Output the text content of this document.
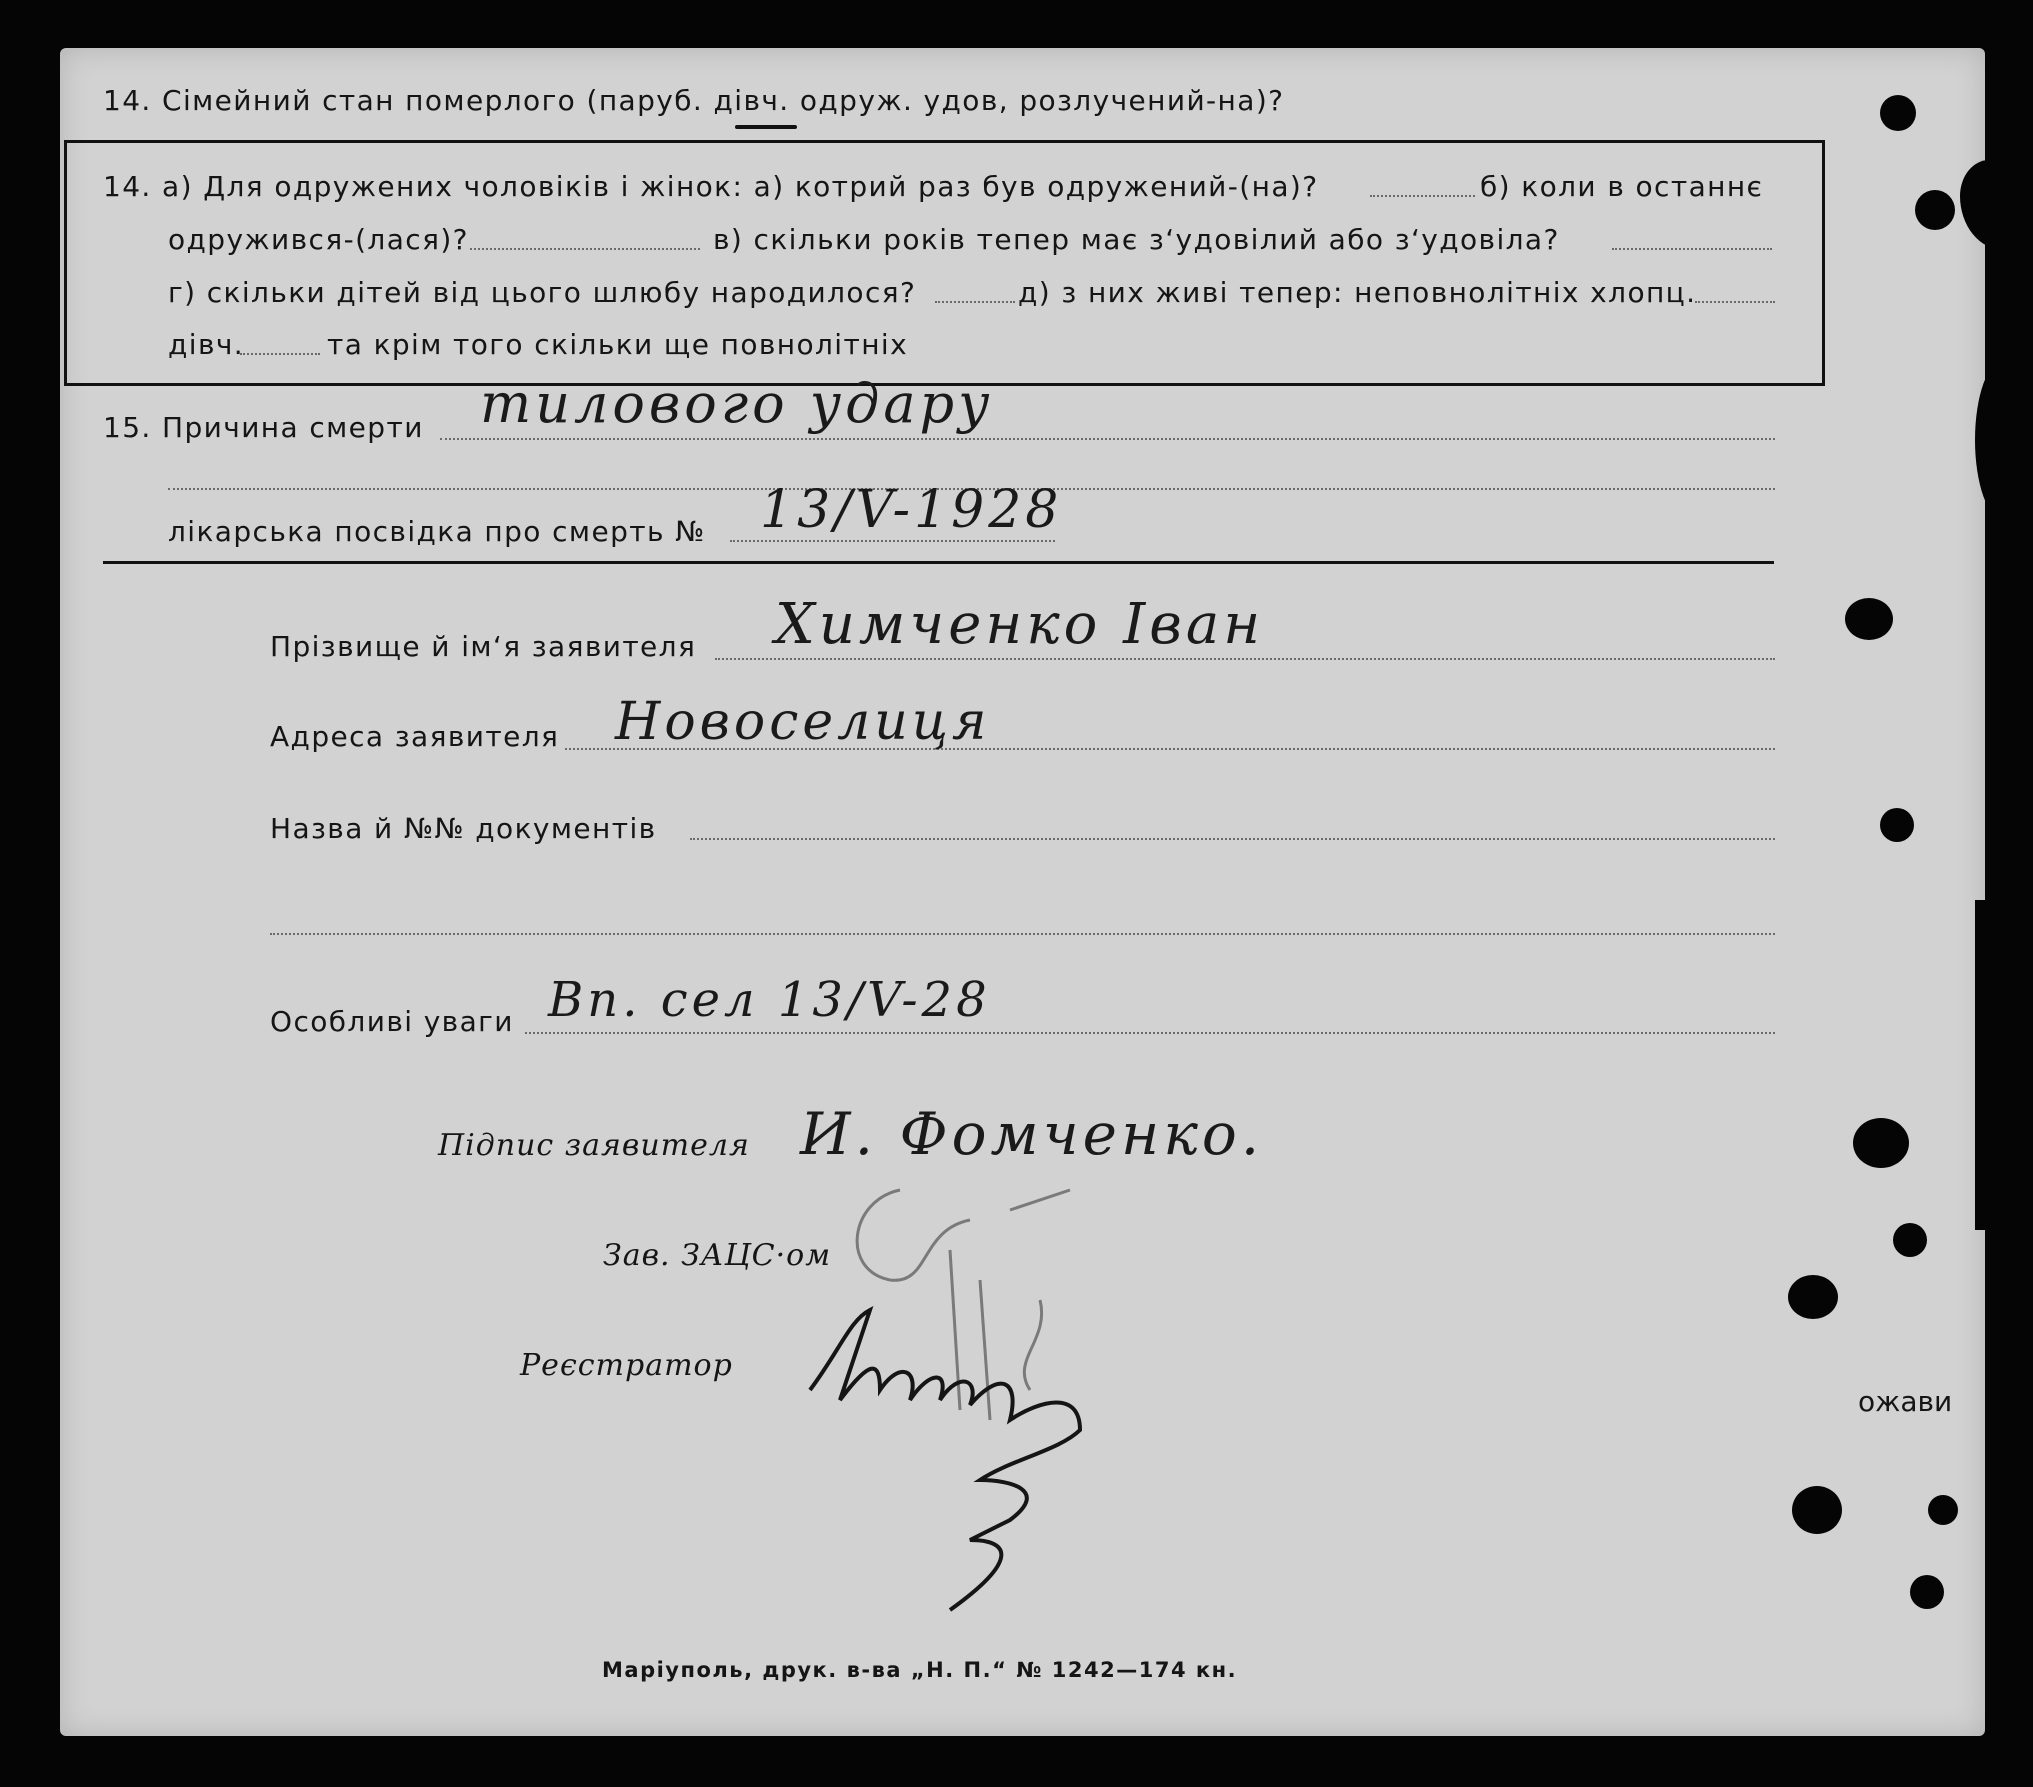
14. Сімейний стан померлого (паруб. дівч. одруж. удов, розлучений-на)?
14. а) Для одружених чоловіків і жінок: а) котрий раз був одружений-(на)?	б) коли в останнє
одружився-(лася)?	в) скільки років тепер має з‘удовілий або з‘удовіла?
г) скільки дітей від цього шлюбу народилося?	д) з них живі тепер: неповнолітніх хлопц.
дівч.	та крім того скільки ще повнолітніх
15. Причина смерти тилового удару
лікарська посвідка про смерть № 13/V-1928
Прізвище й ім‘я заявителя Химченко Іван
Адреса заявителя Новоселиця
Назва й №№ документів
Особливі уваги Вп. сел 13/V-28
Підпис заявителя И. Фомченко.
Зав. ЗАЦС·ом
Реєстратор
ожави
Маріуполь, друк. в-ва „Н. П.“ № 1242—174 кн.
